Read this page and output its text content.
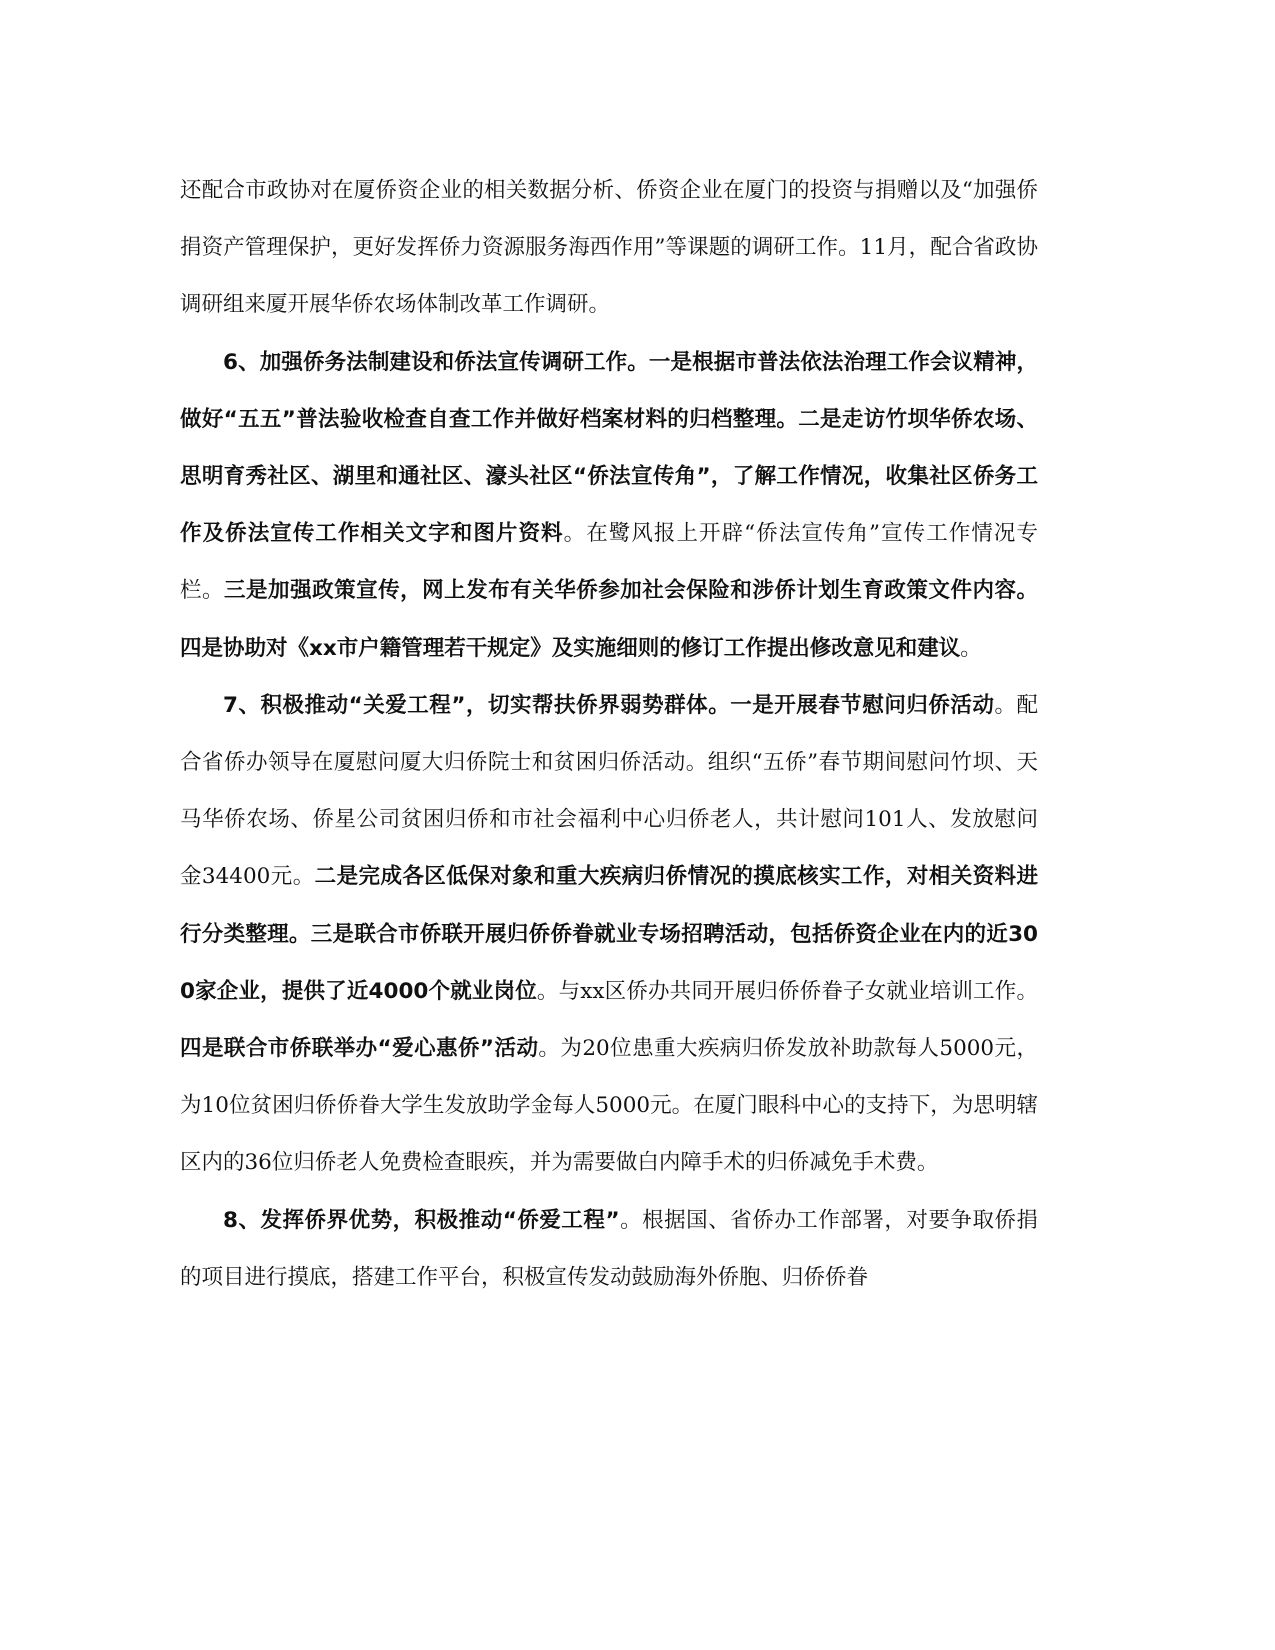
还配合市政协对在厦侨资企业的相关数据分析、侨资企业在厦门的投资与捐赠以及“加强侨捐资产管理保护，更好发挥侨力资源服务海西作用”等课题的调研工作。11月，配合省政协调研组来厦开展华侨农场体制改革工作调研。

6、加强侨务法制建设和侨法宣传调研工作。一是根据市普法依法治理工作会议精神，做好“五五”普法验收检查自查工作并做好档案材料的归档整理。二是走访竹坝华侨农场、思明育秀社区、湖里和通社区、濠头社区“侨法宣传角”，了解工作情况，收集社区侨务工作及侨法宣传工作相关文字和图片资料。在鹭风报上开辟“侨法宣传角”宣传工作情况专栏。三是加强政策宣传，网上发布有关华侨参加社会保险和涉侨计划生育政策文件内容。四是协助对《xx市户籍管理若干规定》及实施细则的修订工作提出修改意见和建议。

7、积极推动“关爱工程”，切实帮扶侨界弱势群体。一是开展春节慰问归侨活动。配合省侨办领导在厦慰问厦大归侨院士和贫困归侨活动。组织“五侨”春节期间慰问竹坝、天马华侨农场、侨星公司贫困归侨和市社会福利中心归侨老人，共计慰问101人、发放慰问金34400元。二是完成各区低保对象和重大疾病归侨情况的摸底核实工作，对相关资料进行分类整理。三是联合市侨联开展归侨侨眷就业专场招聘活动，包括侨资企业在内的近300家企业，提供了近4000个就业岗位。与xx区侨办共同开展归侨侨眷子女就业培训工作。四是联合市侨联举办“爱心惠侨”活动。为20位患重大疾病归侨发放补助款每人5000元，为10位贫困归侨侨眷大学生发放助学金每人5000元。在厦门眼科中心的支持下，为思明辖区内的36位归侨老人免费检查眼疾，并为需要做白内障手术的归侨减免手术费。

8、发挥侨界优势，积极推动“侨爱工程”。根据国、省侨办工作部署，对要争取侨捐的项目进行摸底，搭建工作平台，积极宣传发动鼓励海外侨胞、归侨侨眷
